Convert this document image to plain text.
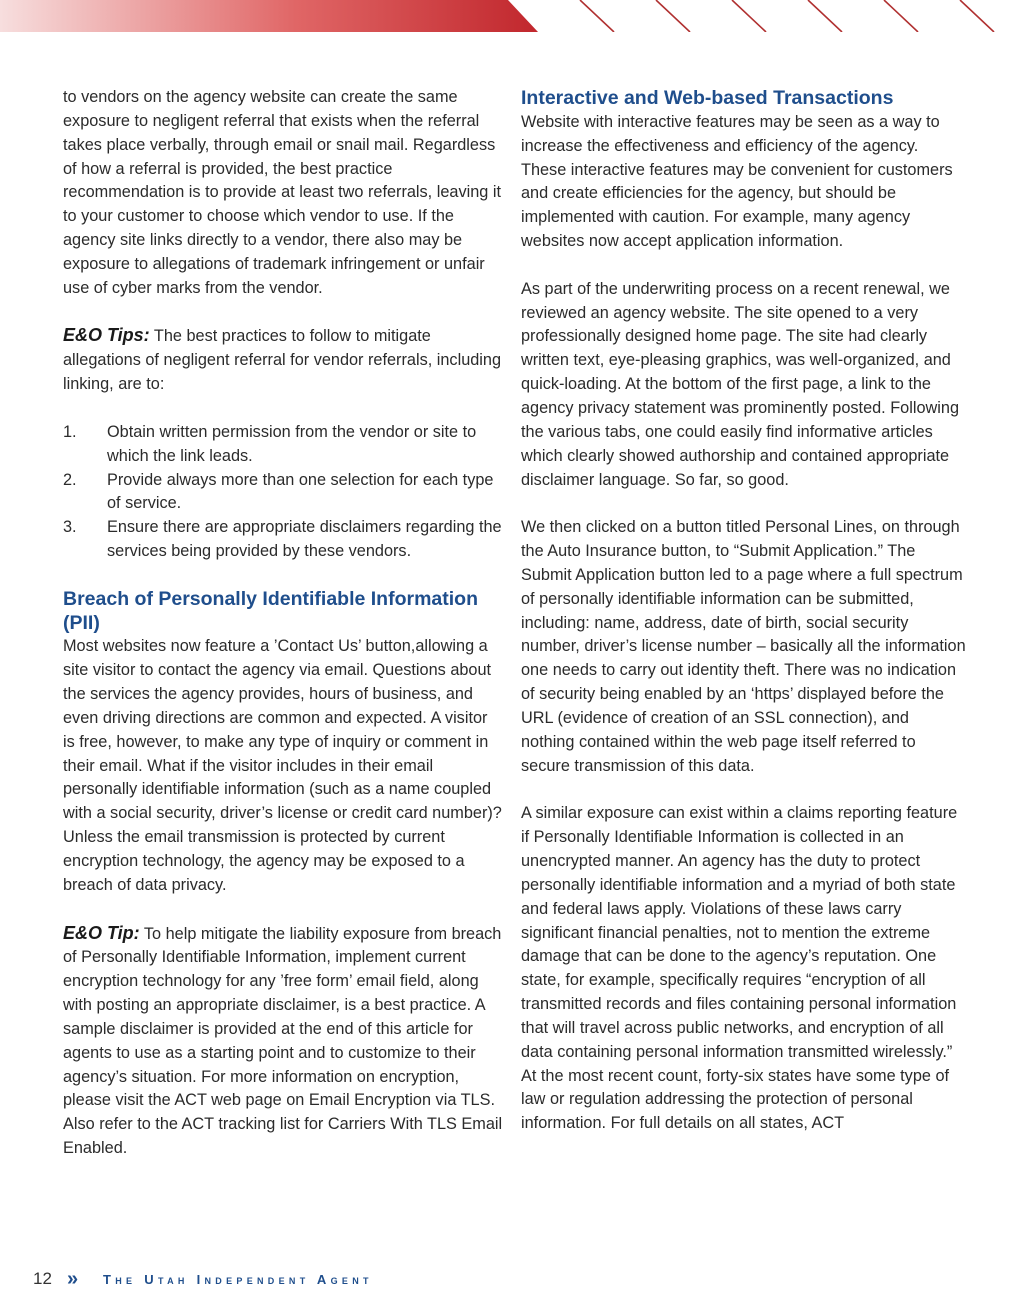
to vendors on the agency website can create the same exposure to negligent referral that exists when the referral takes place verbally, through email or snail mail. Regardless of how a referral is provided, the best practice recommendation is to provide at least two referrals, leaving it to your customer to choose which vendor to use. If the agency site links directly to a vendor, there also may be exposure to allegations of trademark infringement or unfair use of cyber marks from the vendor.

E&O Tips: The best practices to follow to mitigate allegations of negligent referral for vendor referrals, including linking, are to:

1.	Obtain written permission from the vendor or site to which the link leads.
2.	Provide always more than one selection for each type of service.
3.	Ensure there are appropriate disclaimers regarding the services being provided by these vendors.
Breach of Personally Identifiable Information (PII)

Most websites now feature a ’Contact Us’ button,allowing a site visitor to contact the agency via email. Questions about the services the agency provides, hours of business, and even driving directions are common and expected. A visitor is free, however, to make any type of inquiry or comment in their email. What if the visitor includes in their email personally identifiable information (such as a name coupled with a social security, driver’s license or credit card number)? Unless the email transmission is protected by current encryption technology, the agency may be exposed to a breach of data privacy.

E&O Tip: To help mitigate the liability exposure from breach of Personally Identifiable Information, implement current encryption technology for any ’free form’ email field, along with posting an appropriate disclaimer, is a best practice. A sample disclaimer is provided at the end of this article for agents to use as a starting point and to customize to their agency’s situation. For more information on encryption, please visit the ACT web page on Email Encryption via TLS. Also refer to the ACT tracking list for Carriers With TLS Email Enabled.

Interactive and Web-based Transactions

Website with interactive features may be seen as a way to increase the effectiveness and efficiency of the agency. These interactive features may be convenient for customers and create efficiencies for the agency, but should be implemented with caution. For example, many agency websites now accept application information.

As part of the underwriting process on a recent renewal, we reviewed an agency website. The site opened to a very professionally designed home page. The site had clearly written text, eye-pleasing graphics, was well-organized, and quick-loading. At the bottom of the first page, a link to the agency privacy statement was prominently posted. Following the various tabs, one could easily find informative articles which clearly showed authorship and contained appropriate disclaimer language. So far, so good.

We then clicked on a button titled Personal Lines, on through the Auto Insurance button, to “Submit Application.” The Submit Application button led to a page where a full spectrum of personally identifiable information can be submitted, including: name, address, date of birth, social security number, driver’s license number – basically all the information one needs to carry out identity theft. There was no indication of security being enabled by an ‘https’ displayed before the URL (evidence of creation of an SSL connection), and nothing contained within the web page itself referred to secure transmission of this data.

A similar exposure can exist within a claims reporting feature if Personally Identifiable Information is collected in an unencrypted manner. An agency has the duty to protect personally identifiable information and a myriad of both state and federal laws apply. Violations of these laws carry significant financial penalties, not to mention the extreme damage that can be done to the agency’s reputation. One state, for example, specifically requires “encryption of all transmitted records and files containing personal information that will travel across public networks, and encryption of all data containing personal information transmitted wirelessly.” At the most recent count, forty-six states have some type of law or regulation addressing the protection of personal information. For full details on all states, ACT

12 »	The Utah Independent Agent
